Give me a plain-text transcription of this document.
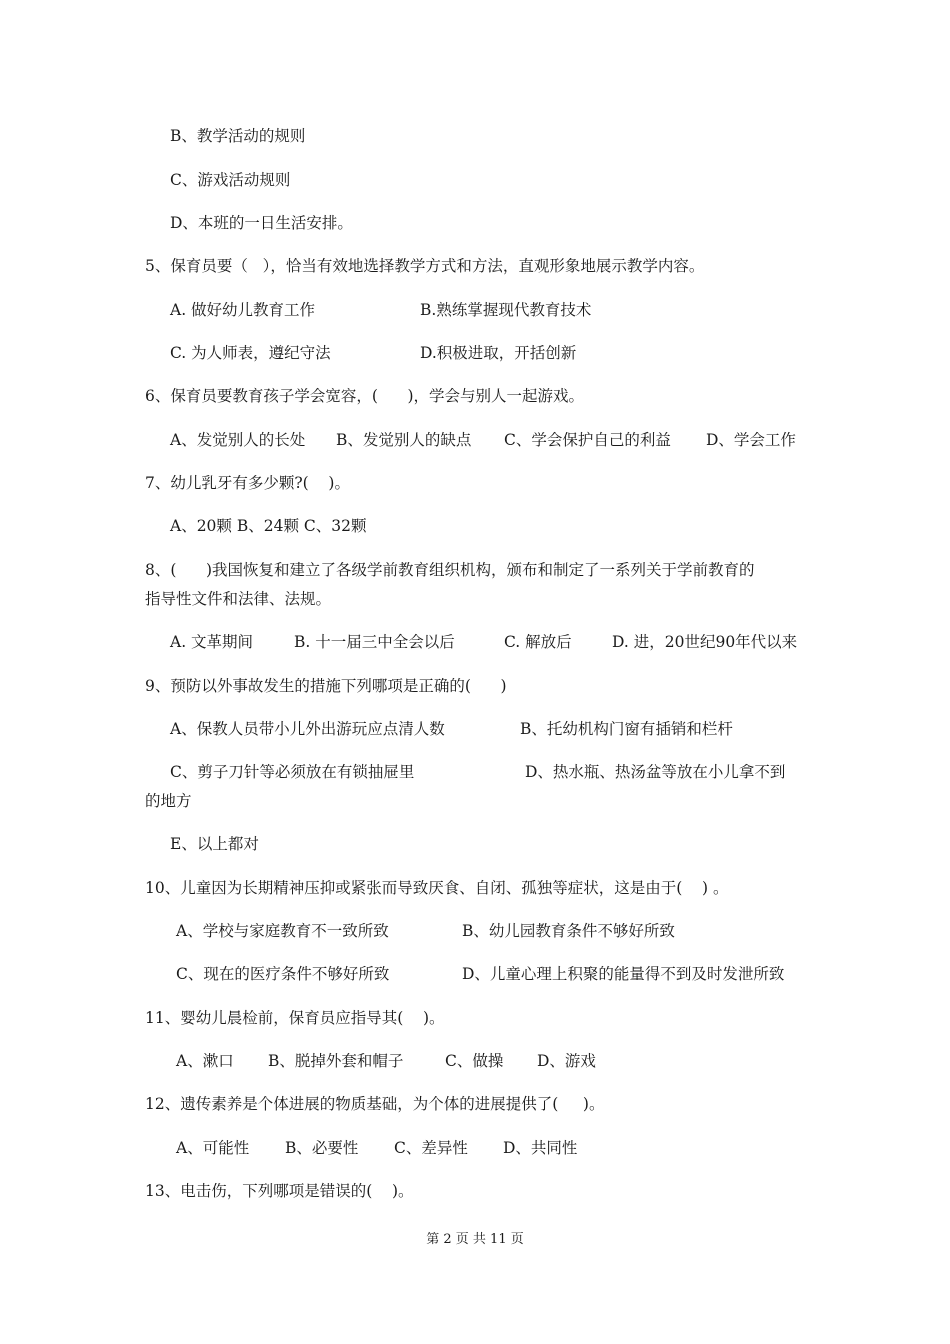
B、教学活动的规则
C、游戏活动规则
D、本班的一日生活安排。
5、保育员要（   ），恰当有效地选择教学方式和方法，直观形象地展示教学内容。
A. 做好幼儿教育工作	B.熟练掌握现代教育技术
C. 为人师表，遵纪守法	D.积极进取，开括创新
6、保育员要教育孩子学会宽容，(      )，学会与别人一起游戏。
A、发觉别人的长处 B、发觉别人的缺点 C、学会保护自己的利益 D、学会工作
7、幼儿乳牙有多少颗?(    )。
A、20颗 B、24颗 C、32颗
8、(      )我国恢复和建立了各级学前教育组织机构，颁布和制定了一系列关于学前教育的
指导性文件和法律、法规。
A. 文革期间	B. 十一届三中全会以后	C. 解放后	D. 进，20世纪90年代以来
9、预防以外事故发生的措施下列哪项是正确的(      )
A、保教人员带小儿外出游玩应点清人数	B、托幼机构门窗有插销和栏杆
C、剪子刀针等必须放在有锁抽屉里	D、热水瓶、热汤盆等放在小儿拿不到
的地方
E、以上都对
10、儿童因为长期精神压抑或紧张而导致厌食、自闭、孤独等症状，这是由于(    ) 。
A、学校与家庭教育不一致所致	B、幼儿园教育条件不够好所致
C、现在的医疗条件不够好所致	D、儿童心理上积聚的能量得不到及时发泄所致
11、婴幼儿晨检前，保育员应指导其(    )。
A、漱口 B、脱掉外套和帽子	C、做操 D、游戏
12、遗传素养是个体进展的物质基础，为个体的进展提供了(     )。
A、可能性 B、必要性 C、差异性 D、共同性
13、电击伤，下列哪项是错误的(    )。
第 2 页 共 11 页
